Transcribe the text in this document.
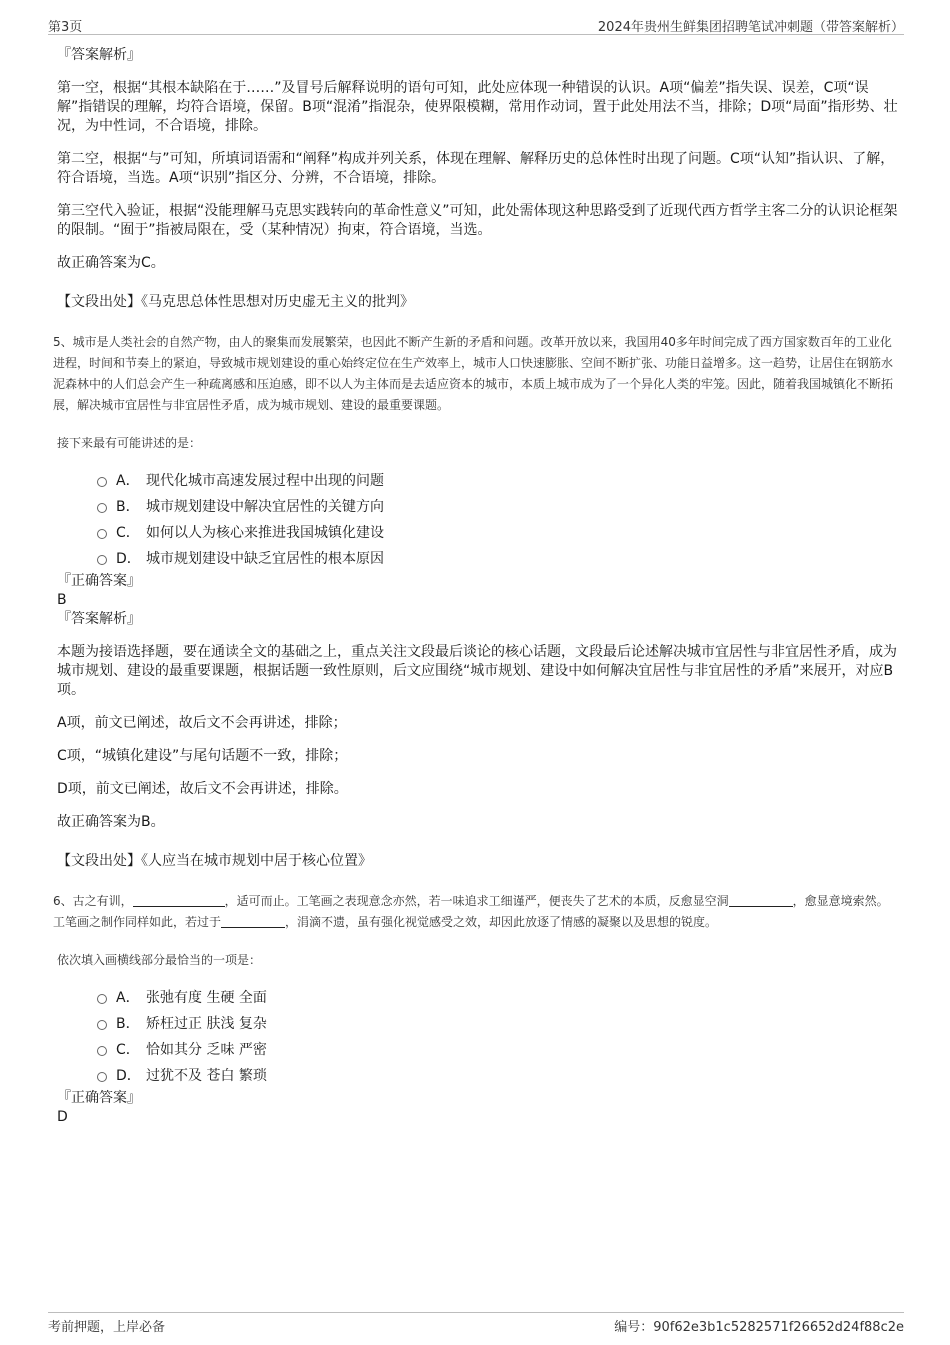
第3页	2024年贵州生鲜集团招聘笔试冲刺题（带答案解析）

『答案解析』

第一空，根据“其根本缺陷在于……”及冒号后解释说明的语句可知，此处应体现一种错误的认识。A项“偏差”指失误、误差，C项“误解”指错误的理解，均符合语境，保留。B项“混淆”指混杂，使界限模糊，常用作动词，置于此处用法不当，排除；D项“局面”指形势、壮况，为中性词，不合语境，排除。

第二空，根据“与”可知，所填词语需和“阐释”构成并列关系，体现在理解、解释历史的总体性时出现了问题。C项“认知”指认识、了解，符合语境，当选。A项“识别”指区分、分辨，不合语境，排除。

第三空代入验证，根据“没能理解马克思实践转向的革命性意义”可知，此处需体现这种思路受到了近现代西方哲学主客二分的认识论框架的限制。“囿于”指被局限在，受（某种情况）拘束，符合语境，当选。

故正确答案为C。

【文段出处】《马克思总体性思想对历史虚无主义的批判》

5、城市是人类社会的自然产物，由人的聚集而发展繁荣，也因此不断产生新的矛盾和问题。改革开放以来，我国用40多年时间完成了西方国家数百年的工业化进程，时间和节奏上的紧迫，导致城市规划建设的重心始终定位在生产效率上，城市人口快速膨胀、空间不断扩张、功能日益增多。这一趋势，让居住在钢筋水泥森林中的人们总会产生一种疏离感和压迫感，即不以人为主体而是去适应资本的城市，本质上城市成为了一个异化人类的牢笼。因此，随着我国城镇化不断拓展，解决城市宜居性与非宜居性矛盾，成为城市规划、建设的最重要课题。

接下来最有可能讲述的是：

A． 现代化城市高速发展过程中出现的问题
B． 城市规划建设中解决宜居性的关键方向
C． 如何以人为核心来推进我国城镇化建设
D． 城市规划建设中缺乏宜居性的根本原因

『正确答案』

B

『答案解析』

本题为接语选择题，要在通读全文的基础之上，重点关注文段最后谈论的核心话题，文段最后论述解决城市宜居性与非宜居性矛盾，成为城市规划、建设的最重要课题，根据话题一致性原则，后文应围绕“城市规划、建设中如何解决宜居性与非宜居性的矛盾”来展开，对应B项。

A项，前文已阐述，故后文不会再讲述，排除；

C项，“城镇化建设”与尾句话题不一致，排除；

D项，前文已阐述，故后文不会再讲述，排除。

故正确答案为B。

【文段出处】《人应当在城市规划中居于核心位置》

6、古之有训，	，适可而止。工笔画之表现意念亦然，若一味追求工细谨严，便丧失了艺术的本质，反愈显空洞	，愈显意境索然。工笔画之制作同样如此，若过于	，涓滴不遗，虽有强化视觉感受之效，却因此放逐了情感的凝聚以及思想的锐度。

依次填入画横线部分最恰当的一项是：

A． 张弛有度 生硬 全面
B． 矫枉过正 肤浅 复杂
C． 恰如其分 乏味 严密
D． 过犹不及 苍白 繁琐

『正确答案』

D

考前押题，上岸必备	编号：90f62e3b1c5282571f26652d24f88c2e
